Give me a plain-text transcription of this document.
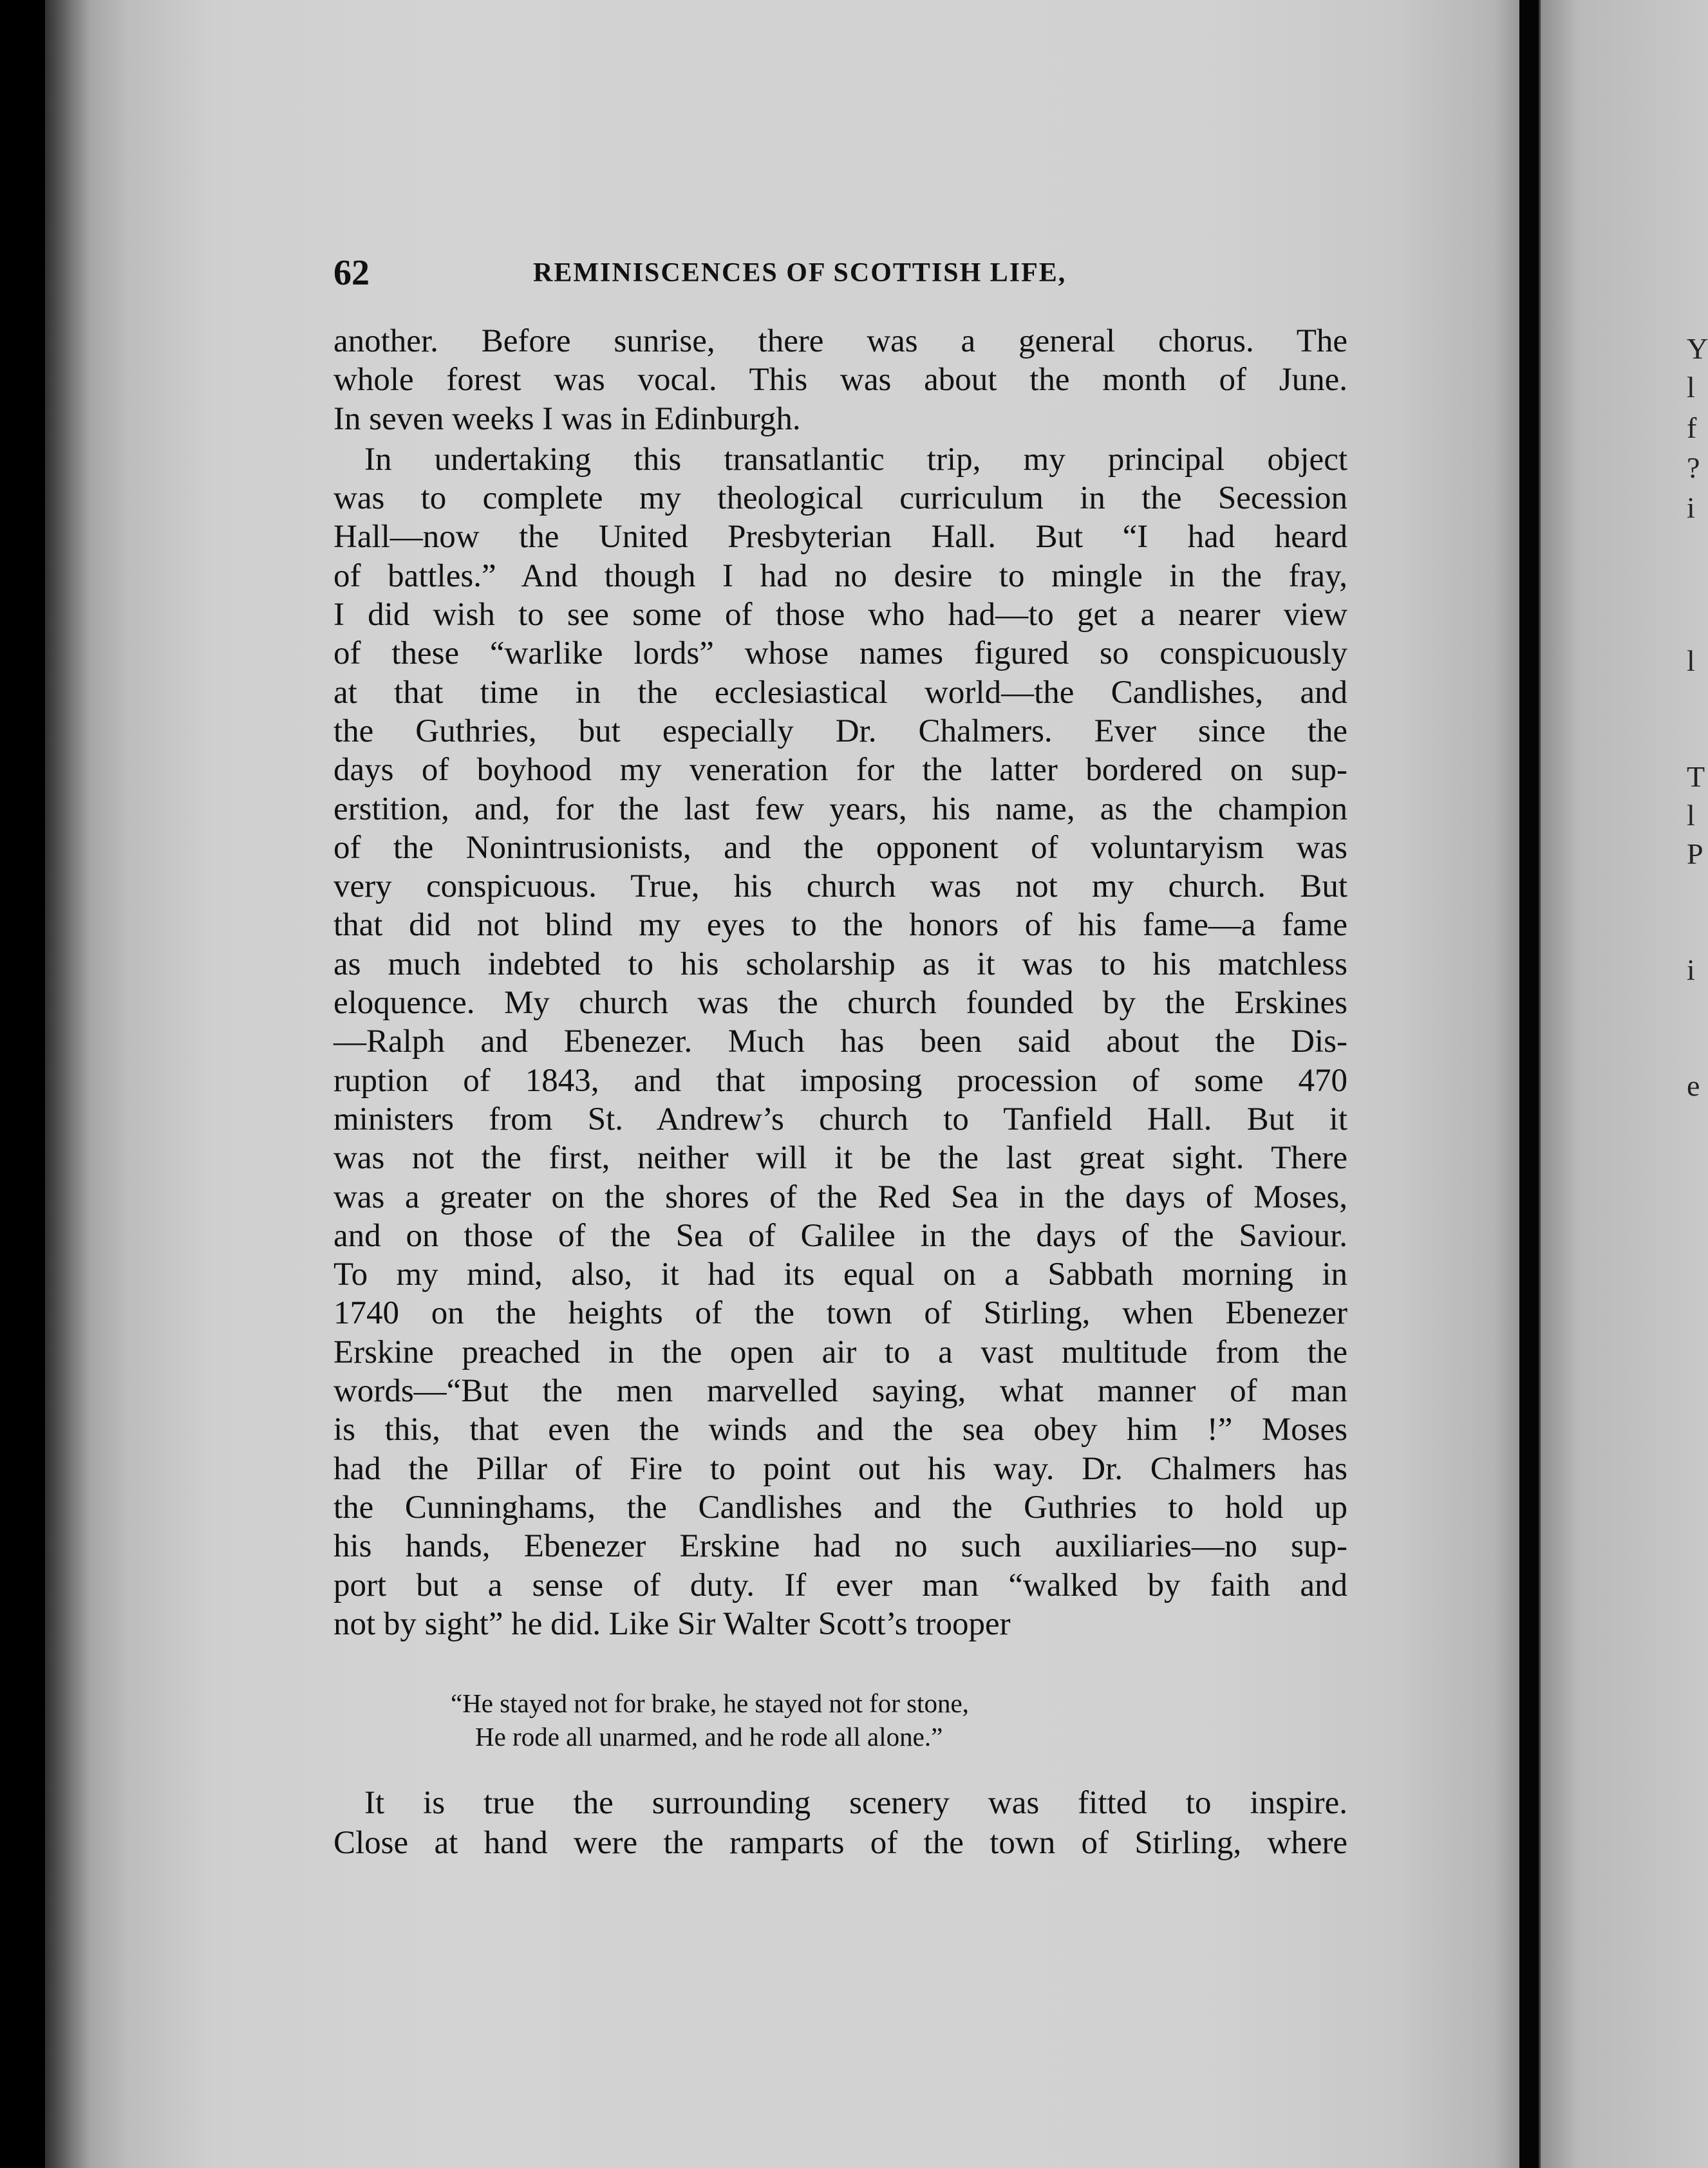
Y
l
f
?
i
l
T
l
P
i
e
62	REMINISCENCES OF SCOTTISH LIFE,
another. Before sunrise, there was a general chorus. The
whole forest was vocal. This was about the month of June.
In seven weeks I was in Edinburgh.
In undertaking this transatlantic trip, my principal object
was to complete my theological curriculum in the Secession
Hall—now the United Presbyterian Hall. But “I had heard
of battles.” And though I had no desire to mingle in the fray,
I did wish to see some of those who had—to get a nearer view
of these “warlike lords” whose names figured so conspicuously
at that time in the ecclesiastical world—the Candlishes, and
the Guthries, but especially Dr. Chalmers. Ever since the
days of boyhood my veneration for the latter bordered on sup-
erstition, and, for the last few years, his name, as the champion
of the Nonintrusionists, and the opponent of voluntaryism was
very conspicuous. True, his church was not my church. But
that did not blind my eyes to the honors of his fame—a fame
as much indebted to his scholarship as it was to his matchless
eloquence. My church was the church founded by the Erskines
—Ralph and Ebenezer. Much has been said about the Dis-
ruption of 1843, and that imposing procession of some 470
ministers from St. Andrew’s church to Tanfield Hall. But it
was not the first, neither will it be the last great sight. There
was a greater on the shores of the Red Sea in the days of Moses,
and on those of the Sea of Galilee in the days of the Saviour.
To my mind, also, it had its equal on a Sabbath morning in
1740 on the heights of the town of Stirling, when Ebenezer
Erskine preached in the open air to a vast multitude from the
words—“But the men marvelled saying, what manner of man
is this, that even the winds and the sea obey him !” Moses
had the Pillar of Fire to point out his way. Dr. Chalmers has
the Cunninghams, the Candlishes and the Guthries to hold up
his hands, Ebenezer Erskine had no such auxiliaries—no sup-
port but a sense of duty. If ever man “walked by faith and
not by sight” he did. Like Sir Walter Scott’s trooper
“He stayed not for brake, he stayed not for stone,
He rode all unarmed, and he rode all alone.”
It is true the surrounding scenery was fitted to inspire.
Close at hand were the ramparts of the town of Stirling, where
